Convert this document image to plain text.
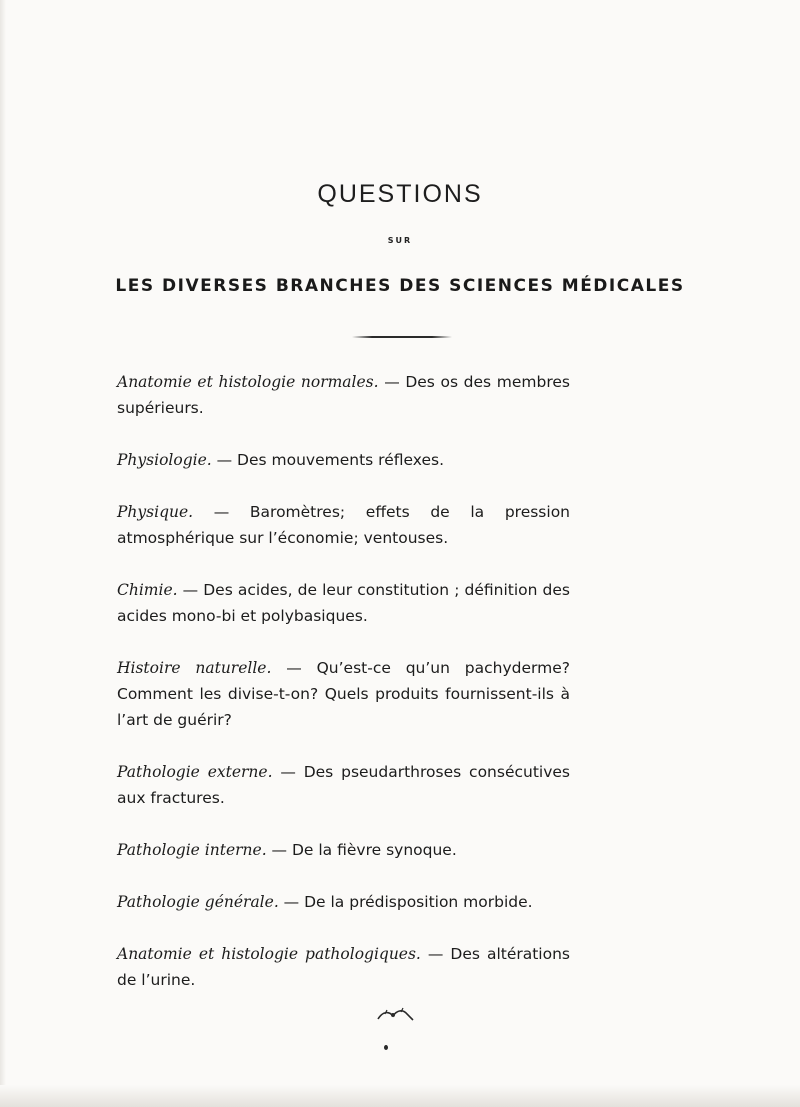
QUESTIONS
SUR
LES DIVERSES BRANCHES DES SCIENCES MÉDICALES

Anatomie et histologie normales. — Des os des membres supérieurs.

Physiologie. — Des mouvements réflexes.

Physique. — Baromètres; effets de la pression atmosphérique sur l’économie; ventouses.

Chimie. — Des acides, de leur constitution ; définition des acides mono-bi et polybasiques.

Histoire naturelle. — Qu’est-ce qu’un pachyderme? Comment les divise-t-on? Quels produits fournissent-ils à l’art de guérir?

Pathologie externe. — Des pseudarthroses consécutives aux fractures.

Pathologie interne. — De la fièvre synoque.

Pathologie générale. — De la prédisposition morbide.

Anatomie et histologie pathologiques. — Des altérations de l’urine.
